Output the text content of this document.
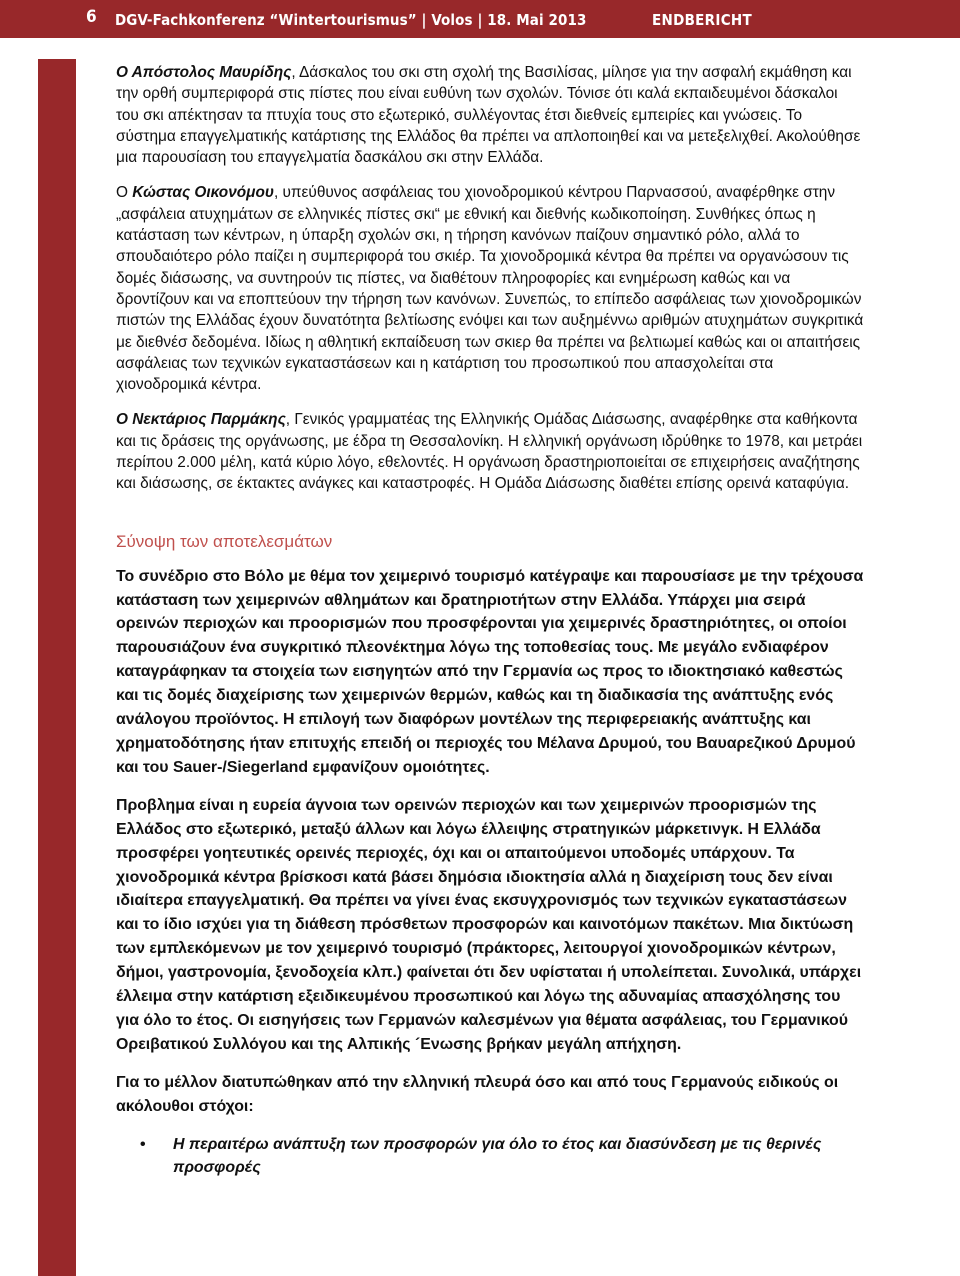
6 DGV-Fachkonferenz “Wintertourismus” | Volos | 18. Mai 2013	ENDBERICHT

Ο Απόστολος Μαυρίδης, Δάσκαλος του σκι στη σχολή της Βασιλίσας, μίλησε για την ασφαλή εκμάθηση και την ορθή συμπεριφορά στις πίστες που είναι ευθύνη των σχολών. Τόνισε ότι καλά εκπαιδευμένοι δάσκαλοι του σκι απέκτησαν τα πτυχία τους στο εξωτερικό, συλλέγοντας έτσι διεθνείς εμπειρίες και γνώσεις. Το σύστημα επαγγελματικής κατάρτισης της Ελλάδος θα πρέπει να απλοποιηθεί και να μετεξελιχθεί. Ακολούθησε μια παρουσίαση του επαγγελματία δασκάλου σκι στην Ελλάδα.

Ο Κώστας Οικονόμου, υπεύθυνος ασφάλειας του χιονοδρομικού κέντρου Παρνασσού, αναφέρθηκε στην „ασφάλεια ατυχημάτων σε ελληνικές πίστες σκι“ με εθνική και διεθνής κωδικοποίηση. Συνθήκες όπως η κατάσταση των κέντρων, η ύπαρξη σχολών σκι, η τήρηση κανόνων παίζουν σημαντικό ρόλο, αλλά το σπουδαιότερο ρόλο παίζει η συμπεριφορά του σκιέρ. Τα χιονοδρομικά κέντρα θα πρέπει να οργανώσουν τις δομές διάσωσης, να συντηρούν τις πίστες, να διαθέτουν πληροφορίες και ενημέρωση καθώς και να δροντίζουν και να εποπτεύουν την τήρηση των κανόνων. Συνεπώς, το επίπεδο ασφάλειας των χιονοδρομικών πιστών της Ελλάδας έχουν δυνατότητα βελτίωσης ενόψει και των αυξημέννω αριθμών ατυχημάτων συγκριτικά με διεθνέσ δεδομένα. Ιδίως η αθλητική εκπαίδευση των σκιερ θα πρέπει να βελτιωμεί καθώς και οι απαιτήσεις ασφάλειας των τεχνικών εγκαταστάσεων και η κατάρτιση του προσωπικού που απασχολείται στα χιονοδρομικά κέντρα.

Ο Νεκτάριος Παρμάκης, Γενικός γραμματέας της Ελληνικής Ομάδας Διάσωσης, αναφέρθηκε στα καθήκοντα και τις δράσεις της οργάνωσης, με έδρα τη Θεσσαλονίκη. Η ελληνική οργάνωση ιδρύθηκε το 1978, και μετράει περίπου 2.000 μέλη, κατά κύριο λόγο, εθελοντές. Η οργάνωση δραστηριοποιείται σε επιχειρήσεις αναζήτησης και διάσωσης, σε έκτακτες ανάγκες και καταστροφές. Η Ομάδα Διάσωσης διαθέτει επίσης ορεινά καταφύγια.

Σύνοψη των αποτελεσμάτων

Το συνέδριο στο Βόλο με θέμα τον χειμερινό τουρισμό κατέγραψε και παρουσίασε με την τρέχουσα κατάσταση των χειμερινών αθλημάτων και δρατηριοτήτων στην Ελλάδα. Υπάρχει μια σειρά ορεινών περιοχών και προορισμών που προσφέρονται για χειμερινές δραστηριότητες, οι οποίοι παρουσιάζουν ένα συγκριτικό πλεονέκτημα λόγω της τοποθεσίας τους. Με μεγάλο ενδιαφέρον καταγράφηκαν τα στοιχεία των εισηγητών από την Γερμανία ως προς το ιδιοκτησιακό καθεστώς και τις δομές διαχείρισης των χειμερινών θερμών, καθώς και τη διαδικασία της ανάπτυξης ενός ανάλογου προϊόντος. Η επιλογή των διαφόρων μοντέλων της περιφερειακής ανάπτυξης και χρηματοδότησης ήταν επιτυχής επειδή οι περιοχές του Μέλανα Δρυμού, του Βαυαρεζικού Δρυμού και του Sauer-/Siegerland εμφανίζουν ομοιότητες.

Προβλημα είναι η ευρεία άγνοια των ορεινών περιοχών και των χειμερινών προορισμών της Ελλάδος στο εξωτερικό, μεταξύ άλλων και λόγω έλλειψης στρατηγικών μάρκετινγκ. Η Ελλάδα προσφέρει γοητευτικές ορεινές περιοχές, όχι και οι απαιτούμενοι υποδομές υπάρχουν. Τα χιονοδρομικά κέντρα βρίσκοσι κατά βάσει δημόσια ιδιοκτησία αλλά η διαχείριση τους δεν είναι ιδιαίτερα επαγγελματική. Θα πρέπει να γίνει ένας εκσυγχρονισμός των τεχνικών εγκαταστάσεων και το ίδιο ισχύει για τη διάθεση πρόσθετων προσφορών και καινοτόμων πακέτων. Μια δικτύωση των εμπλεκόμενων με τον χειμερινό τουρισμό (πράκτορες, λειτουργοί χιονοδρομικών κέντρων, δήμοι, γαστρονομία, ξενοδοχεία κλπ.) φαίνεται ότι δεν υφίσταται ή υπολείπεται. Συνολικά, υπάρχει έλλειμα στην κατάρτιση εξειδικευμένου προσωπικού και λόγω της αδυναμίας απασχόλησης του για όλο το έτος. Οι εισηγήσεις των Γερμανών καλεσμένων για θέματα ασφάλειας, του Γερμανικού Ορειβατικού Συλλόγου και της Αλπικής ´Ενωσης βρήκαν μεγάλη απήχηση.

Για το μέλλον διατυπώθηκαν από την ελληνική πλευρά όσο και από τους Γερμανούς ειδικούς οι ακόλουθοι στόχοι:

• Η περαιτέρω ανάπτυξη των προσφορών για όλο το έτος και διασύνδεση με τις θερινές προσφορές
